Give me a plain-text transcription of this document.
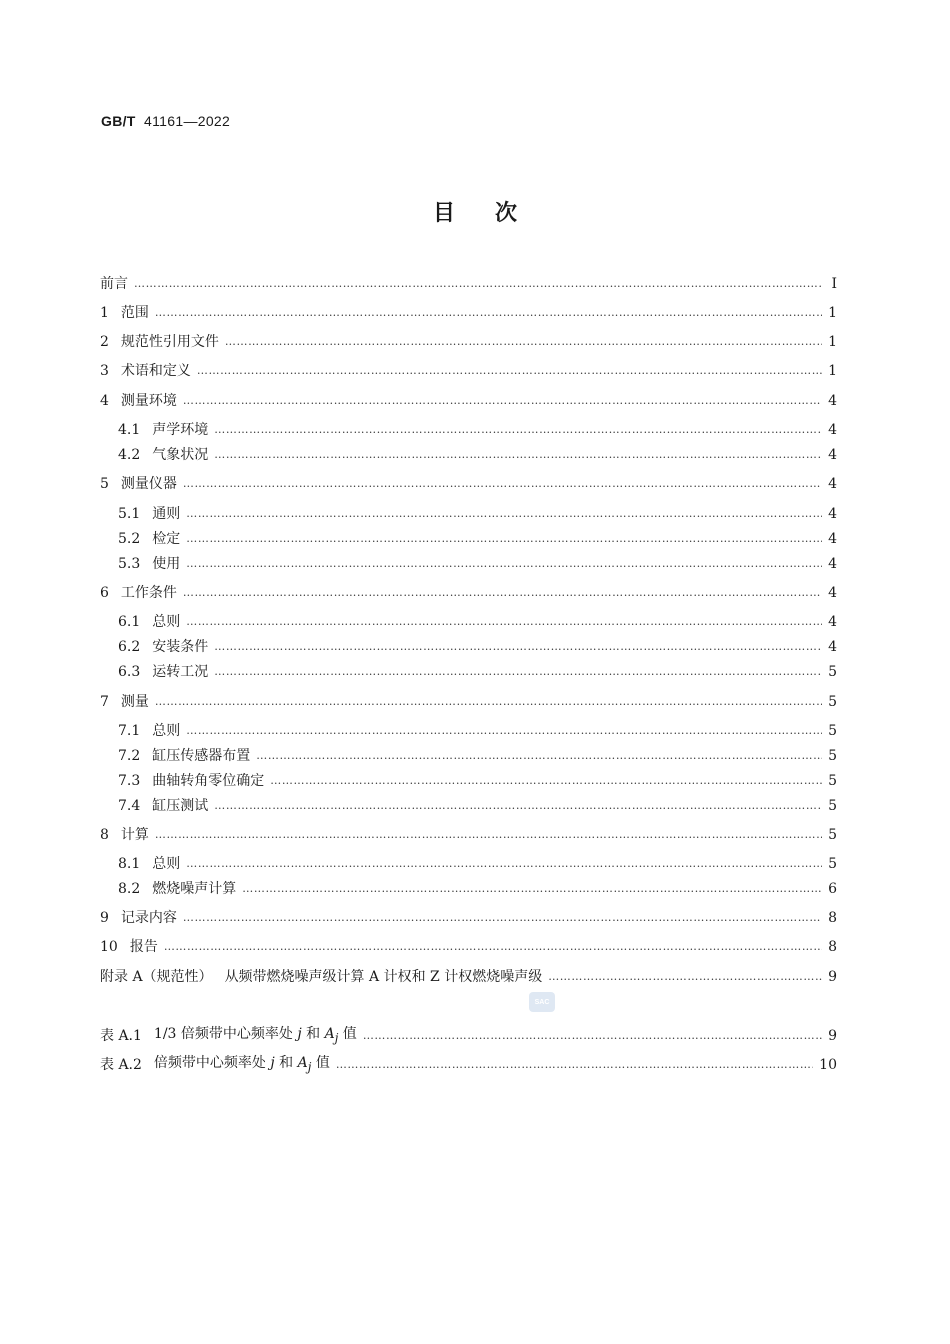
GB/T 41161—2022
目次
前言 ………………………………………………………………………………………………………………………………………………………………………………………………………………………………	I
1 范围 ………………………………………………………………………………………………………………………………………………………………………………………………………………………………	1
2 规范性引用文件 ………………………………………………………………………………………………………………………………………………………………………………………………………………………………	1
3 术语和定义 ………………………………………………………………………………………………………………………………………………………………………………………………………………………………	1
4 测量环境 ………………………………………………………………………………………………………………………………………………………………………………………………………………………………	4
4.1 声学环境 ………………………………………………………………………………………………………………………………………………………………………………………………………………………………	4
4.2 气象状况 ………………………………………………………………………………………………………………………………………………………………………………………………………………………………	4
5 测量仪器 ………………………………………………………………………………………………………………………………………………………………………………………………………………………………	4
5.1 通则 ………………………………………………………………………………………………………………………………………………………………………………………………………………………………	4
5.2 检定 ………………………………………………………………………………………………………………………………………………………………………………………………………………………………	4
5.3 使用 ………………………………………………………………………………………………………………………………………………………………………………………………………………………………	4
6 工作条件 ………………………………………………………………………………………………………………………………………………………………………………………………………………………………	4
6.1 总则 ………………………………………………………………………………………………………………………………………………………………………………………………………………………………	4
6.2 安装条件 ………………………………………………………………………………………………………………………………………………………………………………………………………………………………	4
6.3 运转工况 ………………………………………………………………………………………………………………………………………………………………………………………………………………………………	5
7 测量 ………………………………………………………………………………………………………………………………………………………………………………………………………………………………	5
7.1 总则 ………………………………………………………………………………………………………………………………………………………………………………………………………………………………	5
7.2 缸压传感器布置 ………………………………………………………………………………………………………………………………………………………………………………………………………………………………	5
7.3 曲轴转角零位确定 ………………………………………………………………………………………………………………………………………………………………………………………………………………………………	5
7.4 缸压测试 ………………………………………………………………………………………………………………………………………………………………………………………………………………………………	5
8 计算 ………………………………………………………………………………………………………………………………………………………………………………………………………………………………	5
8.1 总则 ………………………………………………………………………………………………………………………………………………………………………………………………………………………………	5
8.2 燃烧噪声计算 ………………………………………………………………………………………………………………………………………………………………………………………………………………………………	6
9 记录内容 ………………………………………………………………………………………………………………………………………………………………………………………………………………………………	8
10 报告 ………………………………………………………………………………………………………………………………………………………………………………………………………………………………	8
附录 A（规范性） 从频带燃烧噪声级计算 A 计权和 Z 计权燃烧噪声级 ………………………………………………………………………………………………………………………………………………………………………………………………………………………………	9
表 A.1 1/3 倍频带中心频率处 j 和 $A_j$ 值 ………………………………………………………………………………………………………………………………………………………………………………………………………………………………	9
表 A.2 倍频带中心频率处 j 和 $A_j$ 值 ………………………………………………………………………………………………………………………………………………………………………………………………………………………………	10
SAC
